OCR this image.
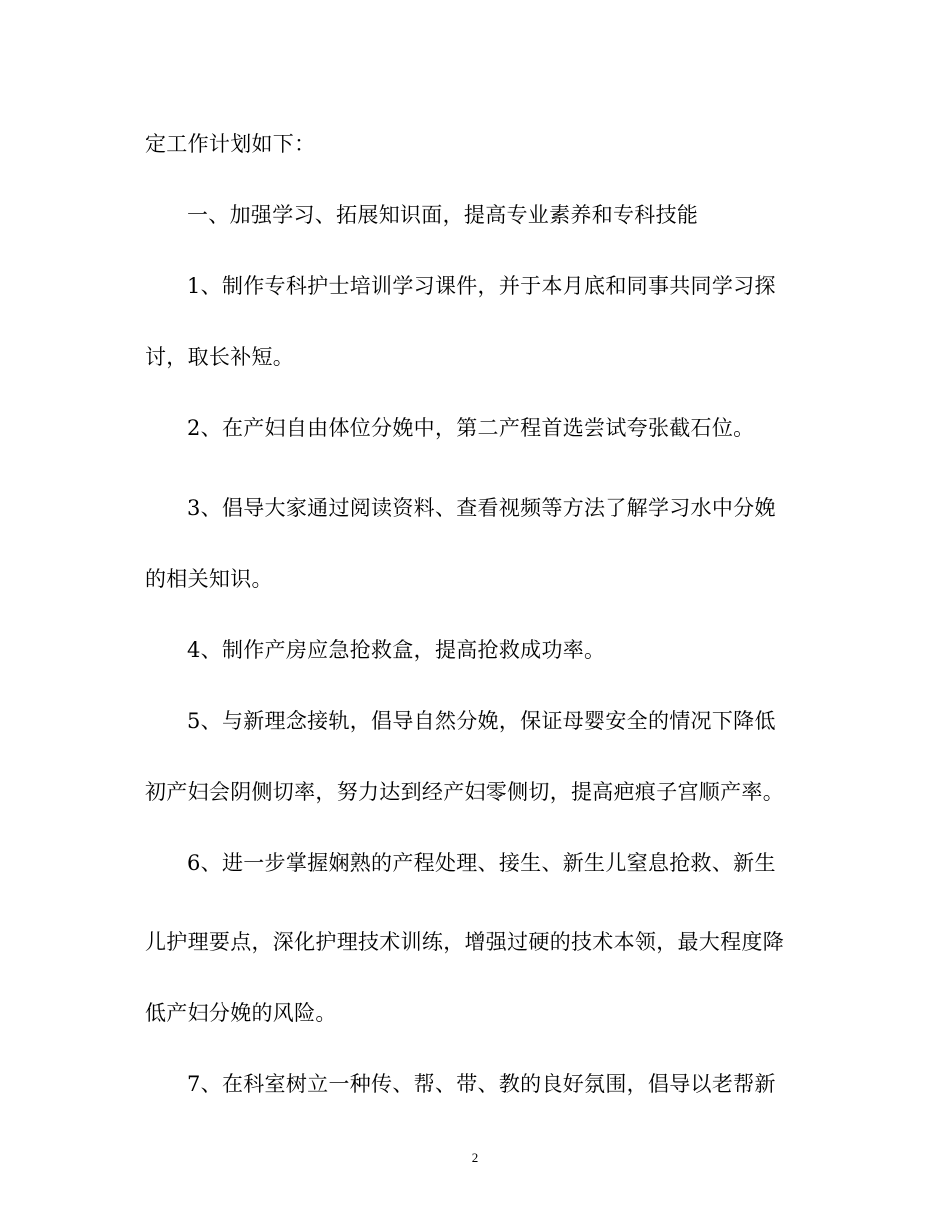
定工作计划如下：
一、加强学习、拓展知识面，提高专业素养和专科技能
1、制作专科护士培训学习课件，并于本月底和同事共同学习探
讨，取长补短。
2、在产妇自由体位分娩中，第二产程首选尝试夸张截石位。
3、倡导大家通过阅读资料、查看视频等方法了解学习水中分娩
的相关知识。
4、制作产房应急抢救盒，提高抢救成功率。
5、与新理念接轨，倡导自然分娩，保证母婴安全的情况下降低
初产妇会阴侧切率，努力达到经产妇零侧切，提高疤痕子宫顺产率。
6、进一步掌握娴熟的产程处理、接生、新生儿窒息抢救、新生
儿护理要点，深化护理技术训练，增强过硬的技术本领，最大程度降
低产妇分娩的风险。
7、在科室树立一种传、帮、带、教的良好氛围，倡导以老帮新
2
